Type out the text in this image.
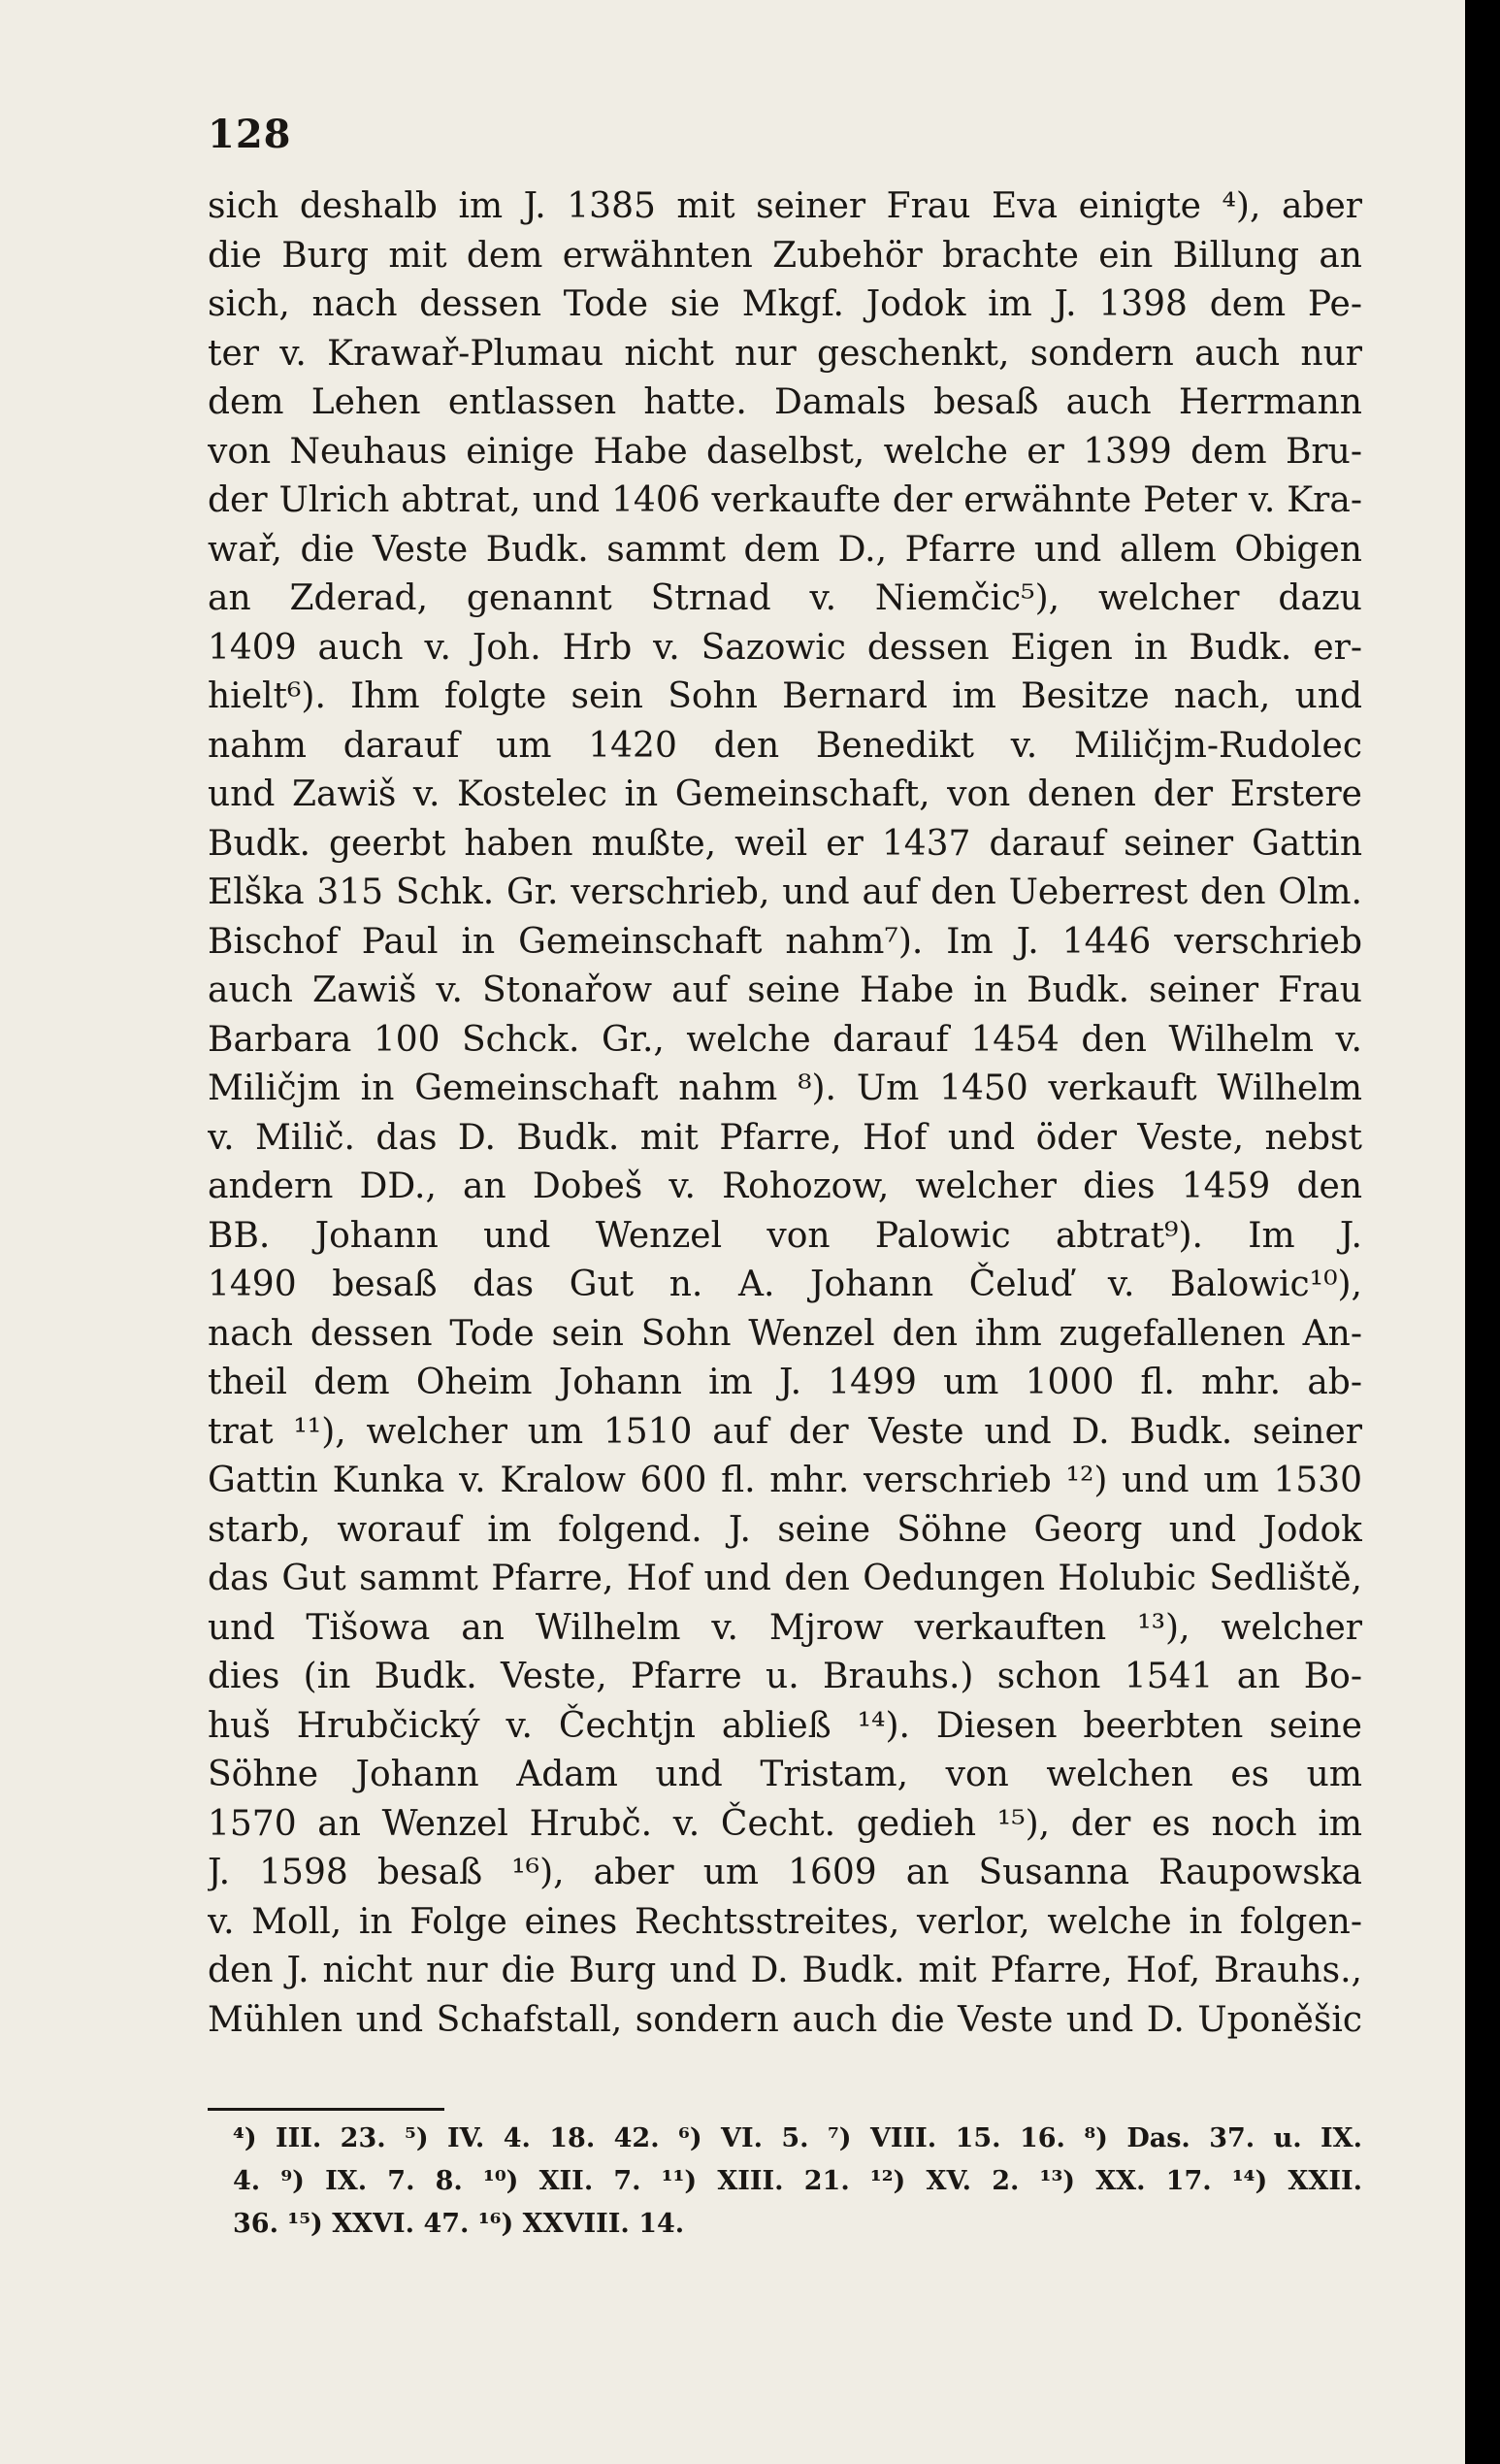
128
sich deshalb im J. 1385 mit seiner Frau Eva einigte ⁴), aber
die Burg mit dem erwähnten Zubehör brachte ein Billung an
sich, nach dessen Tode sie Mkgf. Jodok im J. 1398 dem Pe-
ter v. Krawař-Plumau nicht nur geschenkt, sondern auch nur
dem Lehen entlassen hatte. Damals besaß auch Herrmann
von Neuhaus einige Habe daselbst, welche er 1399 dem Bru-
der Ulrich abtrat, und 1406 verkaufte der erwähnte Peter v. Kra-
wař, die Veste Budk. sammt dem D., Pfarre und allem Obigen
an Zderad, genannt Strnad v. Niemčic⁵), welcher dazu
1409 auch v. Joh. Hrb v. Sazowic dessen Eigen in Budk. er-
hielt⁶). Ihm folgte sein Sohn Bernard im Besitze nach, und
nahm darauf um 1420 den Benedikt v. Miličjm-Rudolec
und Zawiš v. Kostelec in Gemeinschaft, von denen der Erstere
Budk. geerbt haben mußte, weil er 1437 darauf seiner Gattin
Elška 315 Schk. Gr. verschrieb, und auf den Ueberrest den Olm.
Bischof Paul in Gemeinschaft nahm⁷). Im J. 1446 verschrieb
auch Zawiš v. Stonařow auf seine Habe in Budk. seiner Frau
Barbara 100 Schck. Gr., welche darauf 1454 den Wilhelm v.
Miličjm in Gemeinschaft nahm ⁸). Um 1450 verkauft Wilhelm
v. Milič. das D. Budk. mit Pfarre, Hof und öder Veste, nebst
andern DD., an Dobeš v. Rohozow, welcher dies 1459 den
BB. Johann und Wenzel von Palowic abtrat⁹). Im J.
1490 besaß das Gut n. A. Johann Čeluď v. Balowic¹⁰),
nach dessen Tode sein Sohn Wenzel den ihm zugefallenen An-
theil dem Oheim Johann im J. 1499 um 1000 fl. mhr. ab-
trat ¹¹), welcher um 1510 auf der Veste und D. Budk. seiner
Gattin Kunka v. Kralow 600 fl. mhr. verschrieb ¹²) und um 1530
starb, worauf im folgend. J. seine Söhne Georg und Jodok
das Gut sammt Pfarre, Hof und den Oedungen Holubic Sedliště,
und Tišowa an Wilhelm v. Mjrow verkauften ¹³), welcher
dies (in Budk. Veste, Pfarre u. Brauhs.) schon 1541 an Bo-
huš Hrubčický v. Čechtjn abließ ¹⁴). Diesen beerbten seine
Söhne Johann Adam und Tristam, von welchen es um
1570 an Wenzel Hrubč. v. Čecht. gedieh ¹⁵), der es noch im
J. 1598 besaß ¹⁶), aber um 1609 an Susanna Raupowska
v. Moll, in Folge eines Rechtsstreites, verlor, welche in folgen-
den J. nicht nur die Burg und D. Budk. mit Pfarre, Hof, Brauhs.,
Mühlen und Schafstall, sondern auch die Veste und D. Uponěšic
⁴) III. 23. ⁵) IV. 4. 18. 42. ⁶) VI. 5. ⁷) VIII. 15. 16. ⁸) Das. 37. u. IX.
4. ⁹) IX. 7. 8. ¹⁰) XII. 7. ¹¹) XIII. 21. ¹²) XV. 2. ¹³) XX. 17. ¹⁴) XXII.
36. ¹⁵) XXVI. 47. ¹⁶) XXVIII. 14.
